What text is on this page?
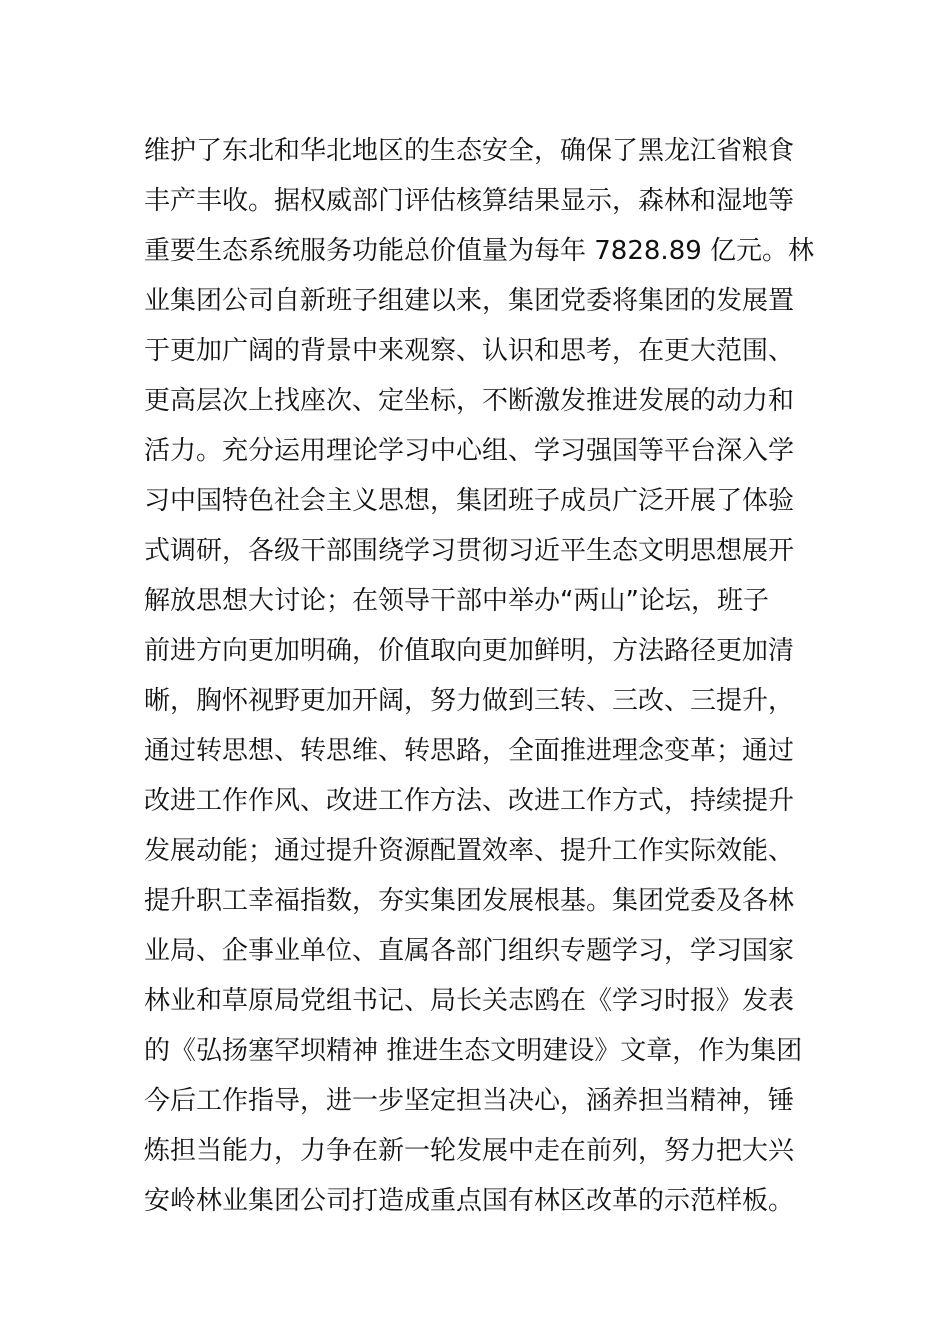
维护了东北和华北地区的生态安全，确保了黑龙江省粮食
丰产丰收。据权威部门评估核算结果显示，森林和湿地等
重要生态系统服务功能总价值量为每年 7828.89 亿元。林
业集团公司自新班子组建以来，集团党委将集团的发展置
于更加广阔的背景中来观察、认识和思考，在更大范围、
更高层次上找座次、定坐标，不断激发推进发展的动力和
活力。充分运用理论学习中心组、学习强国等平台深入学
习中国特色社会主义思想，集团班子成员广泛开展了体验
式调研，各级干部围绕学习贯彻习近平生态文明思想展开
解放思想大讨论；在领导干部中举办“两山”论坛，班子
前进方向更加明确，价值取向更加鲜明，方法路径更加清
晰，胸怀视野更加开阔，努力做到三转、三改、三提升，
通过转思想、转思维、转思路，全面推进理念变革；通过
改进工作作风、改进工作方法、改进工作方式，持续提升
发展动能；通过提升资源配置效率、提升工作实际效能、
提升职工幸福指数，夯实集团发展根基。集团党委及各林
业局、企事业单位、直属各部门组织专题学习，学习国家
林业和草原局党组书记、局长关志鸥在《学习时报》发表
的《弘扬塞罕坝精神 推进生态文明建设》文章，作为集团
今后工作指导，进一步坚定担当决心，涵养担当精神，锤
炼担当能力，力争在新一轮发展中走在前列，努力把大兴
安岭林业集团公司打造成重点国有林区改革的示范样板。
